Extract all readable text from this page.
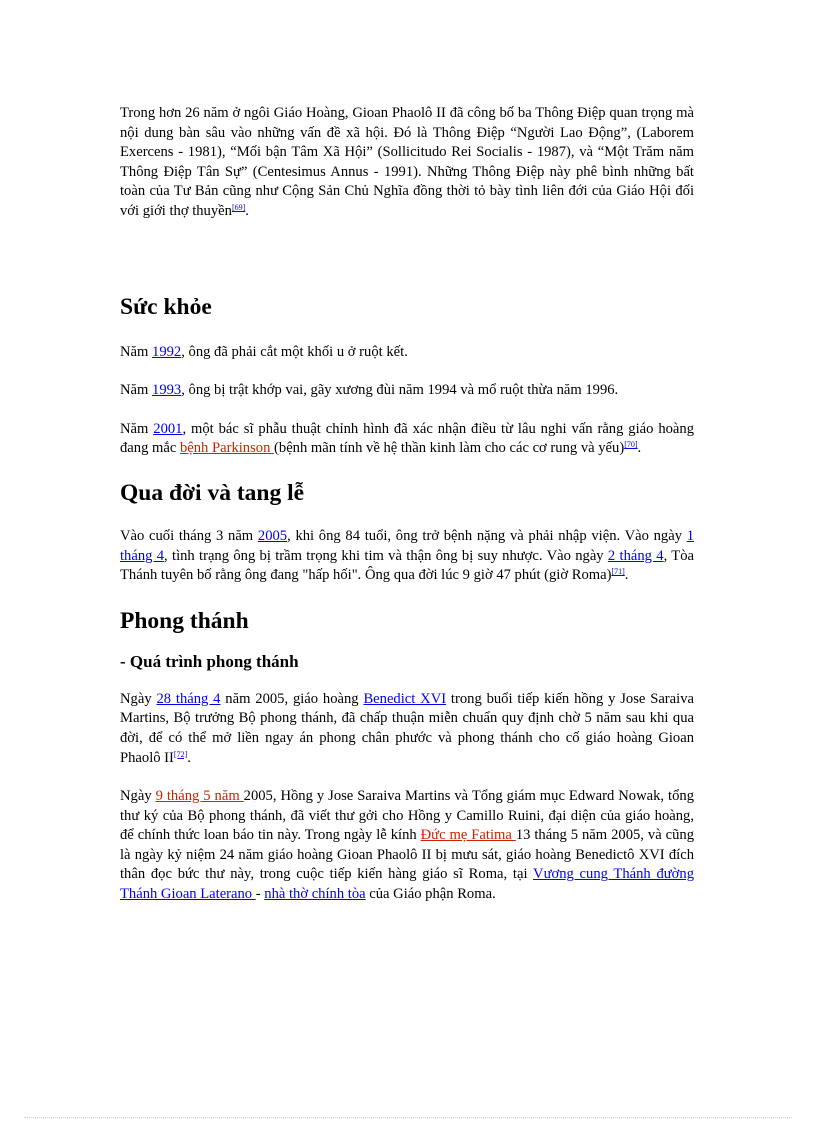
Trong hơn 26 năm ở ngôi Giáo Hoàng, Gioan Phaolô II đã công bố ba Thông Điệp quan trọng mà nội dung bàn sâu vào những vấn đề xã hội. Đó là Thông Điệp “Người Lao Động”, (Laborem Exercens - 1981), “Mối bận Tâm Xã Hội” (Sollicitudo Rei Socialis - 1987), và “Một Trăm năm Thông Điệp Tân Sự” (Centesimus Annus - 1991). Những Thông Điệp này phê bình những bất toàn của Tư Bản cũng như Cộng Sản Chủ Nghĩa đồng thời tỏ bày tình liên đới của Giáo Hội đối với giới thợ thuyền[69].

Sức khỏe

Năm 1992, ông đã phải cắt một khối u ở ruột kết.

Năm 1993, ông bị trật khớp vai, gãy xương đùi năm 1994 và mổ ruột thừa năm 1996.

Năm 2001, một bác sĩ phẫu thuật chỉnh hình đã xác nhận điều từ lâu nghi vấn rằng giáo hoàng đang mắc bệnh Parkinson (bệnh mãn tính về hệ thần kinh làm cho các cơ rung và yếu)[70].

Qua đời và tang lễ

Vào cuối tháng 3 năm 2005, khi ông 84 tuổi, ông trở bệnh nặng và phải nhập viện. Vào ngày 1 tháng 4, tình trạng ông bị trầm trọng khi tim và thận ông bị suy nhược. Vào ngày 2 tháng 4, Tòa Thánh tuyên bố rằng ông đang "hấp hối". Ông qua đời lúc 9 giờ 47 phút (giờ Roma)[71].

Phong thánh
- Quá trình phong thánh

Ngày 28 tháng 4 năm 2005, giáo hoàng Benedict XVI trong buổi tiếp kiến hồng y Jose Saraiva Martins, Bộ trưởng Bộ phong thánh, đã chấp thuận miễn chuẩn quy định chờ 5 năm sau khi qua đời, để có thể mở liền ngay án phong chân phước và phong thánh cho cố giáo hoàng Gioan Phaolô II[72].

Ngày 9 tháng 5 năm 2005, Hồng y Jose Saraiva Martins và Tổng giám mục Edward Nowak, tổng thư ký của Bộ phong thánh, đã viết thư gởi cho Hồng y Camillo Ruini, đại diện của giáo hoàng, để chính thức loan báo tin này. Trong ngày lễ kính Đức mẹ Fatima 13 tháng 5 năm 2005, và cũng là ngày kỷ niệm 24 năm giáo hoàng Gioan Phaolô II bị mưu sát, giáo hoàng Benedictô XVI đích thân đọc bức thư này, trong cuộc tiếp kiến hàng giáo sĩ Roma, tại Vương cung Thánh đường Thánh Gioan Laterano - nhà thờ chính tòa của Giáo phận Roma.
